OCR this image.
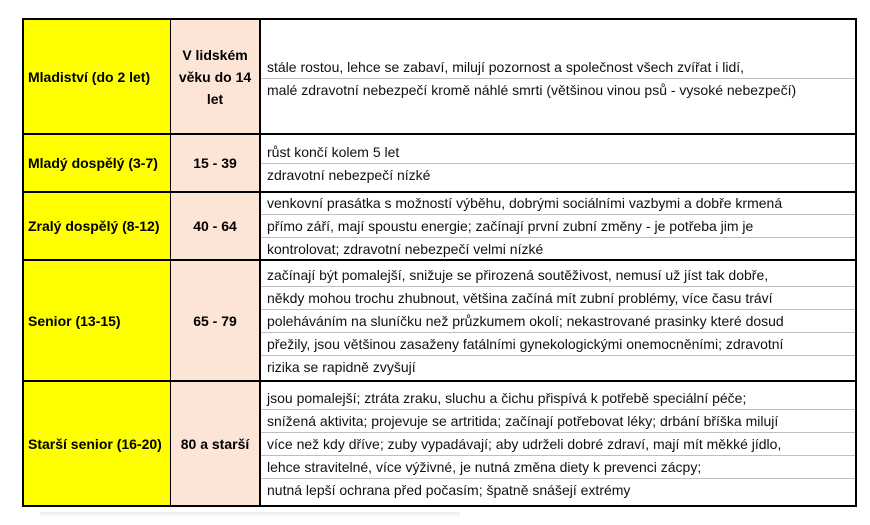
Mladiství (do 2 let)
V lidském věku do 14 let
stále rostou, lehce se zabaví, milují pozornost a společnost všech zvířat i lidí,
malé zdravotní nebezpečí kromě náhlé smrti (většinou vinou psů - vysoké nebezpečí)
Mladý dospělý (3-7)	15 - 39
růst končí kolem 5 let
zdravotní nebezpečí nízké
Zralý dospělý (8-12) 40 - 64
venkovní prasátka s možností výběhu, dobrými sociálními vazbymi a dobře krmená
přímo září, mají spoustu energie; začínají první zubní změny - je potřeba jim je
kontrolovat; zdravotní nebezpečí velmi nízké
Senior (13-15)	65 - 79
začínají být pomalejší, snižuje se přirozená soutěživost, nemusí už jíst tak dobře,
někdy mohou trochu zhubnout, většina začíná mít zubní problémy, více času tráví
poleháváním na sluníčku než průzkumem okolí; nekastrované prasinky které dosud
přežily, jsou většinou zasaženy fatálními gynekologickými onemocněními; zdravotní
rizika se rapidně zvyšují
Starší senior (16-20) 80 a starší
jsou pomalejší; ztráta zraku, sluchu a čichu přispívá k potřebě speciální péče;
snížená aktivita; projevuje se artritida; začínají potřebovat léky; drbání bříška milují
více než kdy dříve; zuby vypadávají; aby udrželi dobré zdraví, mají mít měkké jídlo,
lehce stravitelné, více výživné, je nutná změna diety k prevenci zácpy;
nutná lepší ochrana před počasím; špatně snášejí extrémy
